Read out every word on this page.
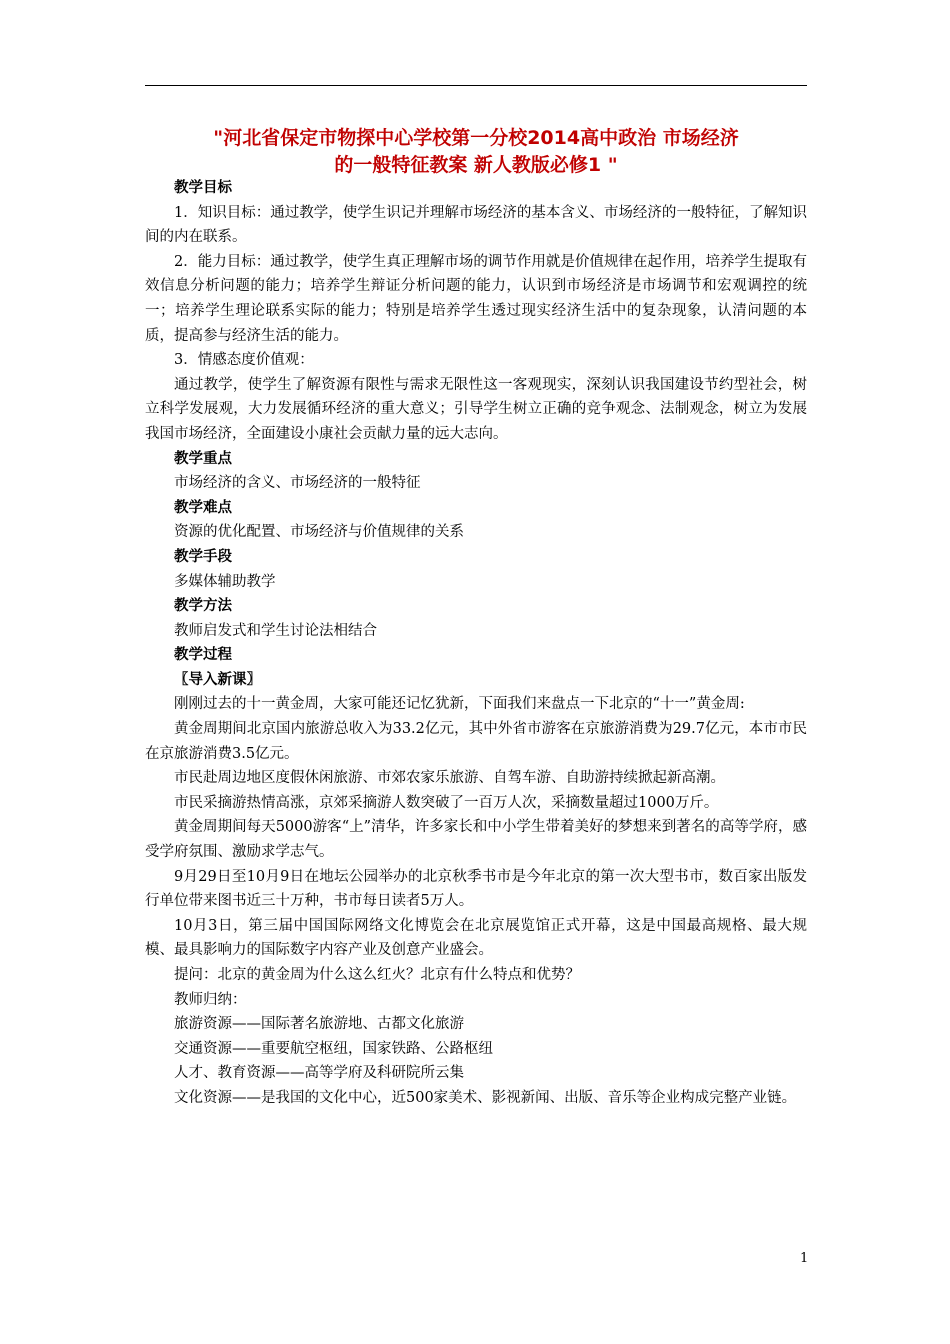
"河北省保定市物探中心学校第一分校2014高中政治 市场经济
的一般特征教案 新人教版必修1 "

教学目标

1．知识目标：通过教学，使学生识记并理解市场经济的基本含义、市场经济的一般特征，了解知识间的内在联系。

2．能力目标：通过教学，使学生真正理解市场的调节作用就是价值规律在起作用，培养学生提取有效信息分析问题的能力；培养学生辩证分析问题的能力，认识到市场经济是市场调节和宏观调控的统一；培养学生理论联系实际的能力；特别是培养学生透过现实经济生活中的复杂现象，认清问题的本质，提高参与经济生活的能力。

3．情感态度价值观：

通过教学，使学生了解资源有限性与需求无限性这一客观现实，深刻认识我国建设节约型社会，树立科学发展观，大力发展循环经济的重大意义；引导学生树立正确的竞争观念、法制观念，树立为发展我国市场经济，全面建设小康社会贡献力量的远大志向。

教学重点

市场经济的含义、市场经济的一般特征

教学难点

资源的优化配置、市场经济与价值规律的关系

教学手段

多媒体辅助教学

教学方法

教师启发式和学生讨论法相结合

教学过程

〖导入新课〗

刚刚过去的十一黄金周，大家可能还记忆犹新，下面我们来盘点一下北京的“十一”黄金周:

黄金周期间北京国内旅游总收入为33.2亿元，其中外省市游客在京旅游消费为29.7亿元，本市市民在京旅游消费3.5亿元。

市民赴周边地区度假休闲旅游、市郊农家乐旅游、自驾车游、自助游持续掀起新高潮。

市民采摘游热情高涨，京郊采摘游人数突破了一百万人次，采摘数量超过1000万斤。

黄金周期间每天5000游客“上”清华，许多家长和中小学生带着美好的梦想来到著名的高等学府，感受学府氛围、激励求学志气。

9月29日至10月9日在地坛公园举办的北京秋季书市是今年北京的第一次大型书市，数百家出版发行单位带来图书近三十万种，书市每日读者5万人。

10月3日，第三届中国国际网络文化博览会在北京展览馆正式开幕，这是中国最高规格、最大规模、最具影响力的国际数字内容产业及创意产业盛会。

提问：北京的黄金周为什么这么红火？北京有什么特点和优势？

教师归纳：

旅游资源——国际著名旅游地、古都文化旅游

交通资源——重要航空枢纽，国家铁路、公路枢纽

人才、教育资源——高等学府及科研院所云集

文化资源——是我国的文化中心，近500家美术、影视新闻、出版、音乐等企业构成完整产业链。

1
